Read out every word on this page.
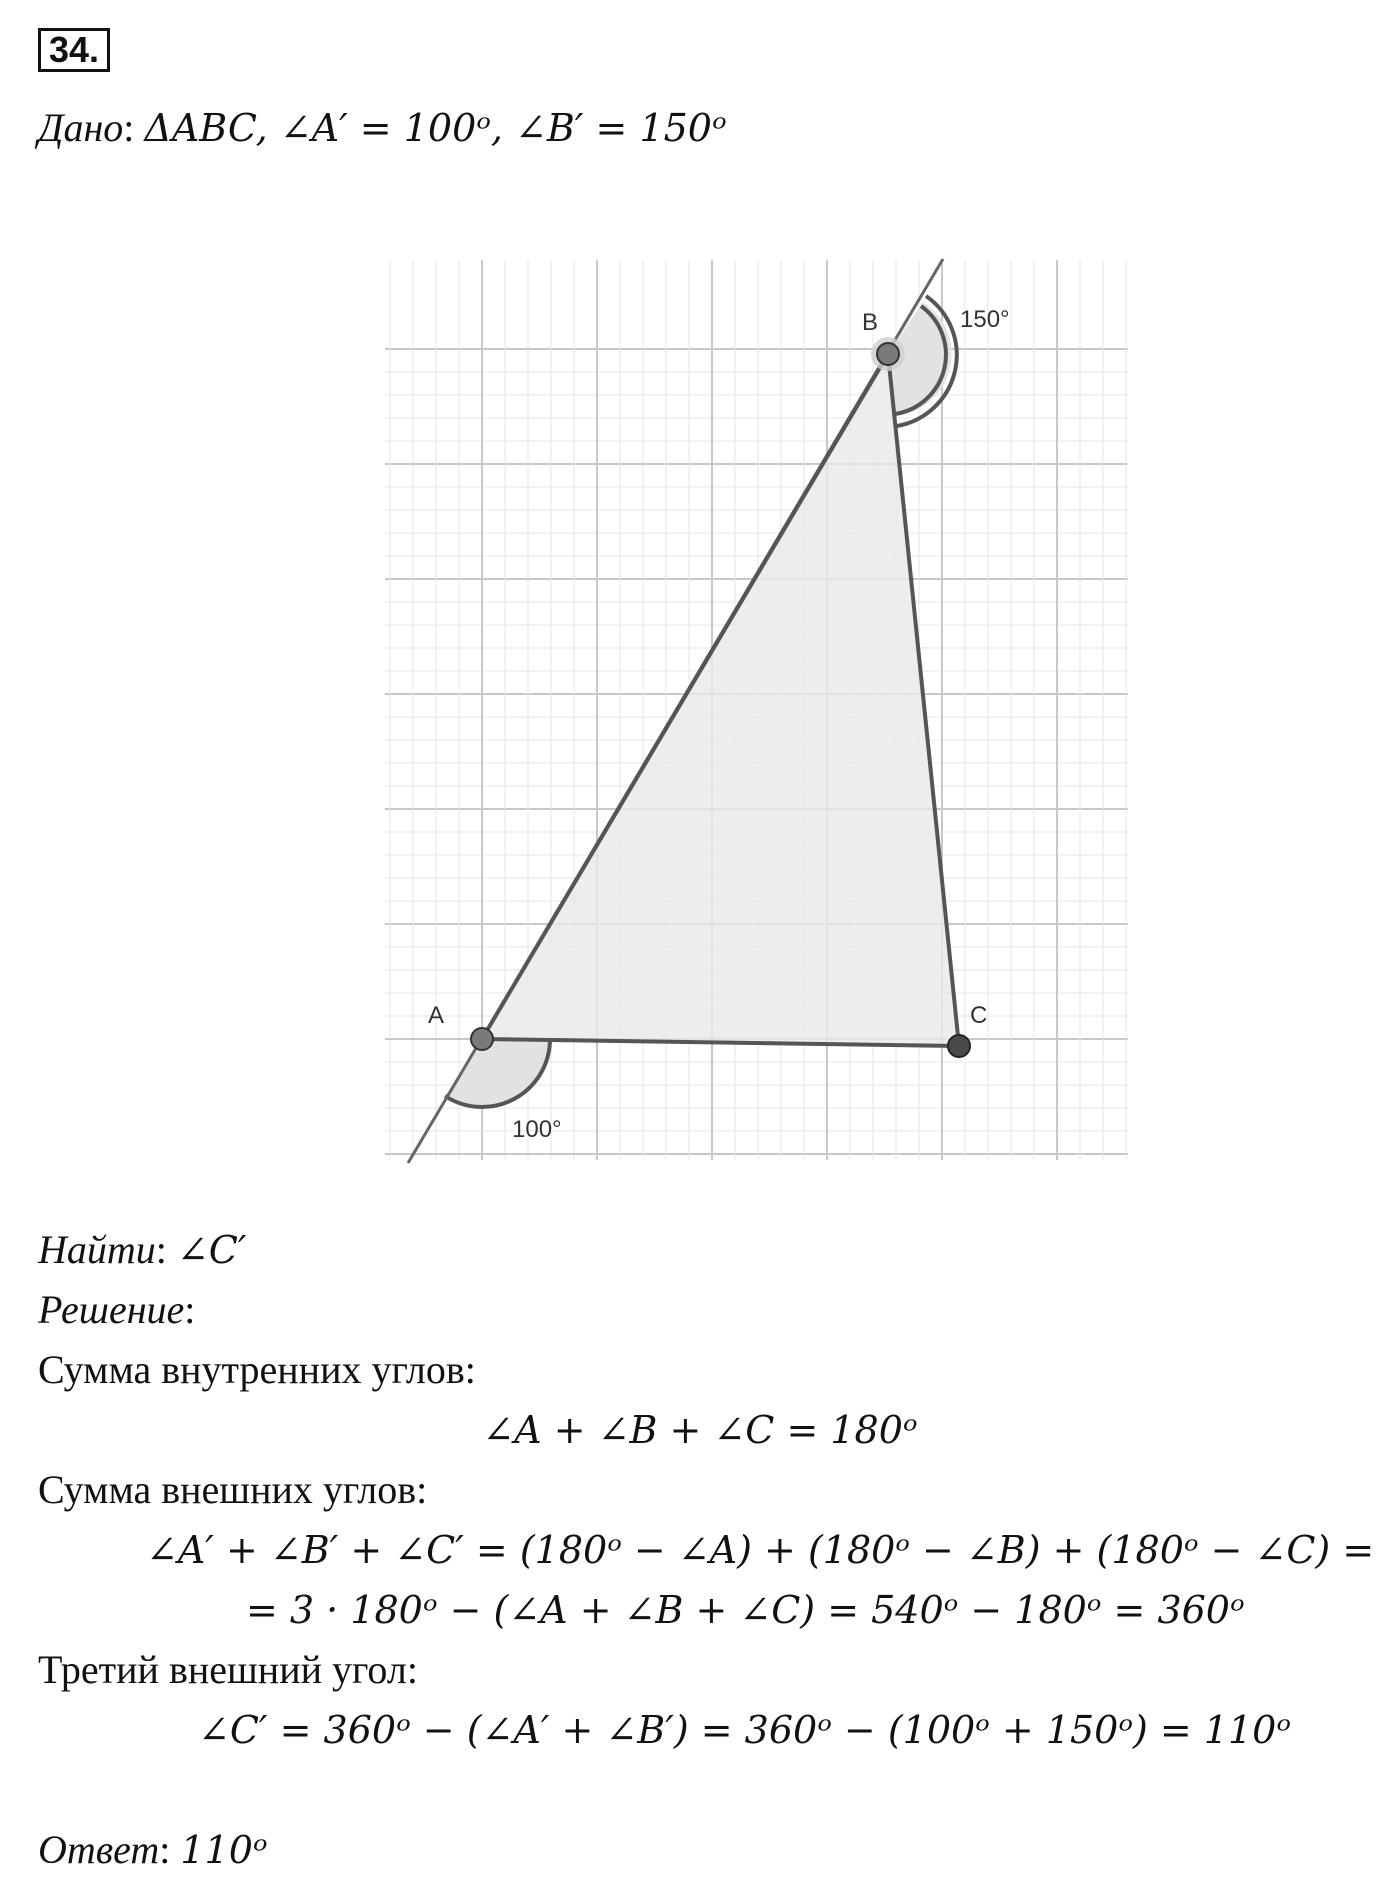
34.
Дано: ΔABC, ∠A′ = 100ᵒ, ∠B′ = 150ᵒ
A
B
C
100°
150°
Найти: ∠C′
Решение:
Сумма внутренних углов:
∠A + ∠B + ∠C = 180ᵒ
Сумма внешних углов:
∠A′ + ∠B′ + ∠C′ = (180ᵒ − ∠A) + (180ᵒ − ∠B) + (180ᵒ − ∠C) =
= 3 · 180ᵒ − (∠A + ∠B + ∠C) = 540ᵒ − 180ᵒ = 360ᵒ
Третий внешний угол:
∠C′ = 360ᵒ − (∠A′ + ∠B′) = 360ᵒ − (100ᵒ + 150ᵒ) = 110ᵒ
Ответ: 110ᵒ
